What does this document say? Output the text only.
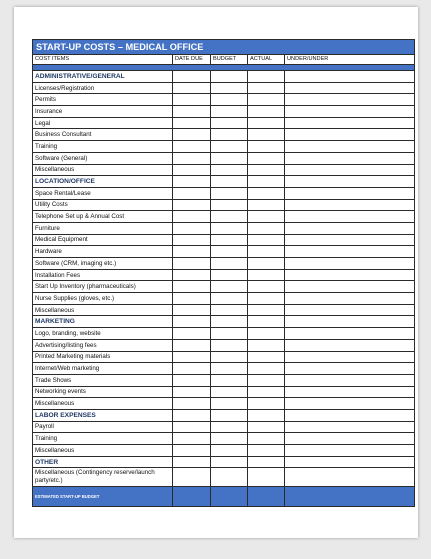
START-UP COSTS – MEDICAL OFFICE				
COST ITEMS	DATE DUE	BUDGET	ACTUAL	UNDER/UNDER

ADMINISTRATIVE/GENERAL				
Licenses/Registration				
Permits				
Insurance				
Legal				
Business Consultant				
Training				
Software (General)				
Miscellaneous				
LOCATION/OFFICE				
Space Rental/Lease				
Utility Costs				
Telephone Set up & Annual Cost				
Furniture				
Medical Equipment				
Hardware				
Software (CRM, imaging etc.)				
Installation Fees				
Start Up Inventory (pharmaceuticals)				
Nurse Supplies (gloves, etc.)				
Miscellaneous				
MARKETING				
Logo, branding, website				
Advertising/listing fees				
Printed Marketing materials				
Internet/Web marketing				
Trade Shows				
Networking events				
Miscellaneous				
LABOR EXPENSES				
Payroll				
Training				
Miscellaneous				
OTHER				
Miscellaneous (Contingency reserve/launch party/etc.)				
ESTIMATED START-UP BUDGET				
